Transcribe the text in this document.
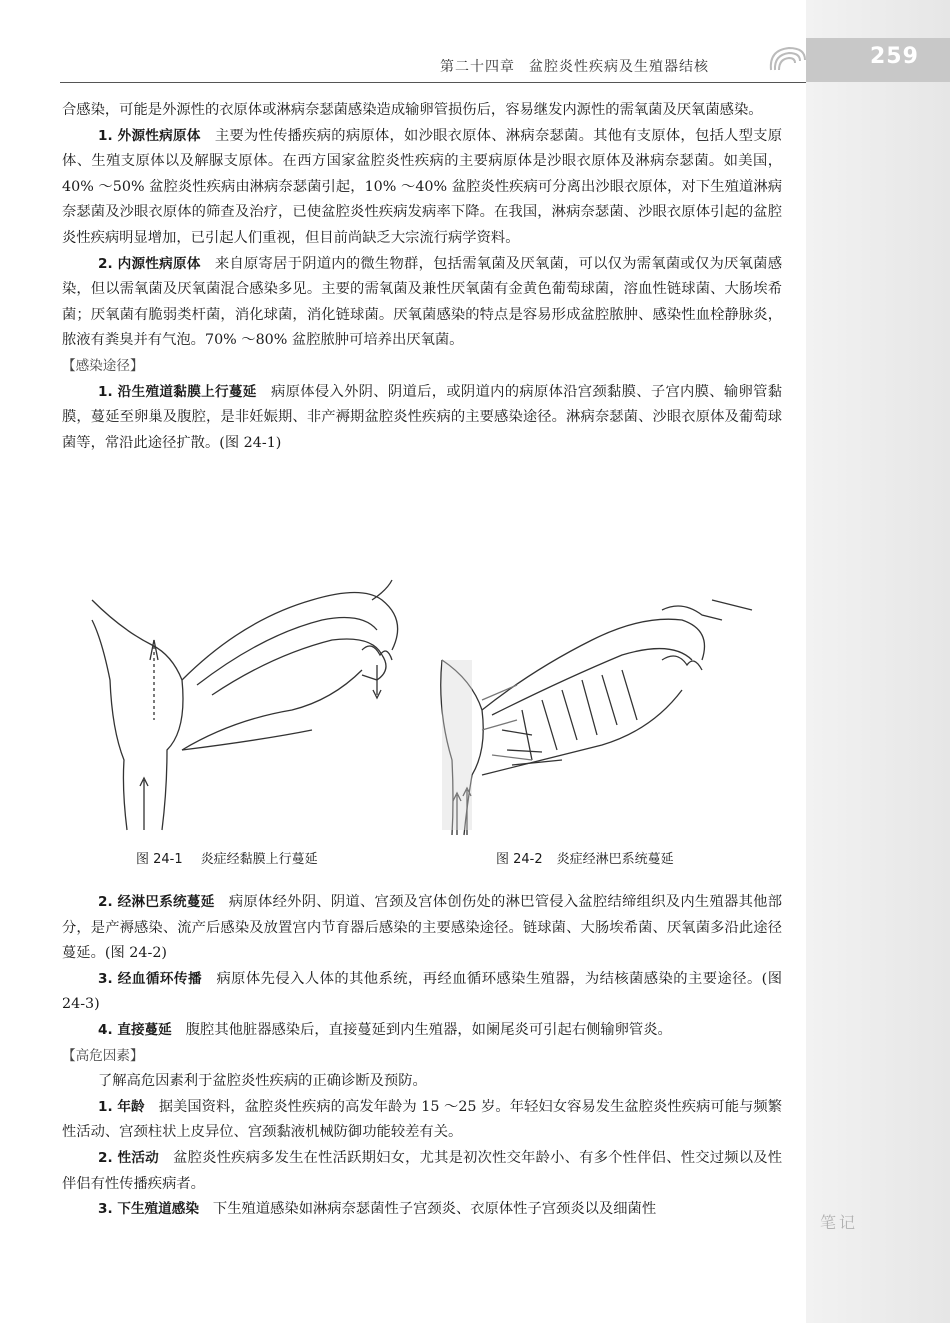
259
第二十四章 盆腔炎性疾病及生殖器结核

合感染，可能是外源性的衣原体或淋病奈瑟菌感染造成输卵管损伤后，容易继发内源性的需氧菌及厌氧菌感染。

1. 外源性病原体 主要为性传播疾病的病原体，如沙眼衣原体、淋病奈瑟菌。其他有支原体，包括人型支原体、生殖支原体以及解脲支原体。在西方国家盆腔炎性疾病的主要病原体是沙眼衣原体及淋病奈瑟菌。如美国，40% ～50% 盆腔炎性疾病由淋病奈瑟菌引起，10% ～40% 盆腔炎性疾病可分离出沙眼衣原体，对下生殖道淋病奈瑟菌及沙眼衣原体的筛查及治疗，已使盆腔炎性疾病发病率下降。在我国，淋病奈瑟菌、沙眼衣原体引起的盆腔炎性疾病明显增加，已引起人们重视，但目前尚缺乏大宗流行病学资料。

2. 内源性病原体 来自原寄居于阴道内的微生物群，包括需氧菌及厌氧菌，可以仅为需氧菌或仅为厌氧菌感染，但以需氧菌及厌氧菌混合感染多见。主要的需氧菌及兼性厌氧菌有金黄色葡萄球菌，溶血性链球菌、大肠埃希菌；厌氧菌有脆弱类杆菌，消化球菌，消化链球菌。厌氧菌感染的特点是容易形成盆腔脓肿、感染性血栓静脉炎，脓液有粪臭并有气泡。70% ～80% 盆腔脓肿可培养出厌氧菌。

【感染途径】

1. 沿生殖道黏膜上行蔓延 病原体侵入外阴、阴道后，或阴道内的病原体沿宫颈黏膜、子宫内膜、输卵管黏膜，蔓延至卵巢及腹腔，是非妊娠期、非产褥期盆腔炎性疾病的主要感染途径。淋病奈瑟菌、沙眼衣原体及葡萄球菌等，常沿此途径扩散。(图 24-1)

图 24-1 炎症经黏膜上行蔓延	图 24-2 炎症经淋巴系统蔓延

2. 经淋巴系统蔓延 病原体经外阴、阴道、宫颈及宫体创伤处的淋巴管侵入盆腔结缔组织及内生殖器其他部分，是产褥感染、流产后感染及放置宫内节育器后感染的主要感染途径。链球菌、大肠埃希菌、厌氧菌多沿此途径蔓延。(图 24-2)

3. 经血循环传播 病原体先侵入人体的其他系统，再经血循环感染生殖器，为结核菌感染的主要途径。(图 24-3)

4. 直接蔓延 腹腔其他脏器感染后，直接蔓延到内生殖器，如阑尾炎可引起右侧输卵管炎。

【高危因素】

了解高危因素利于盆腔炎性疾病的正确诊断及预防。

1. 年龄 据美国资料，盆腔炎性疾病的高发年龄为 15 ～25 岁。年轻妇女容易发生盆腔炎性疾病可能与频繁性活动、宫颈柱状上皮异位、宫颈黏液机械防御功能较差有关。

2. 性活动 盆腔炎性疾病多发生在性活跃期妇女，尤其是初次性交年龄小、有多个性伴侣、性交过频以及性伴侣有性传播疾病者。

3. 下生殖道感染 下生殖道感染如淋病奈瑟菌性子宫颈炎、衣原体性子宫颈炎以及细菌性

笔记
